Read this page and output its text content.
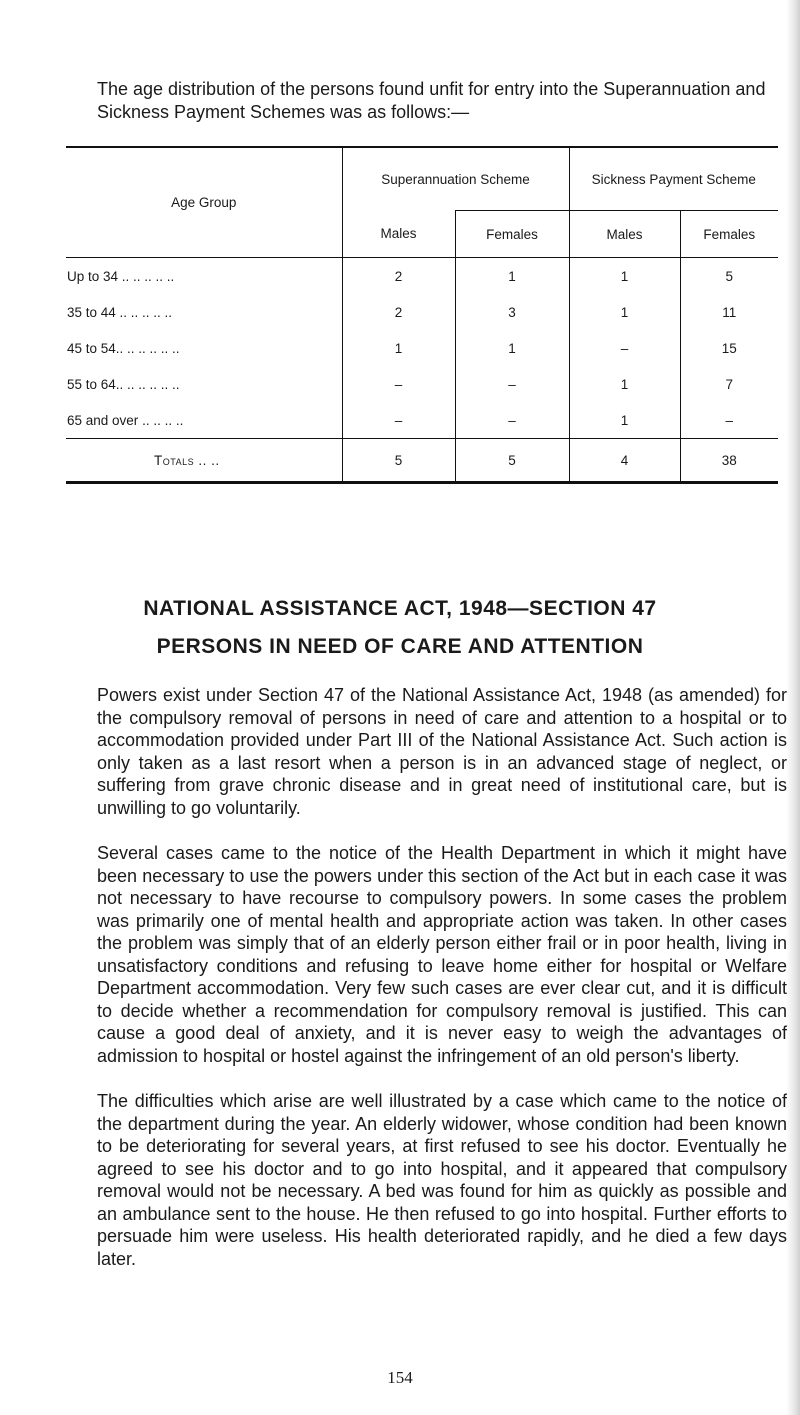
The age distribution of the persons found unfit for entry into the Superannuation and Sickness Payment Schemes was as follows:—

Age Group	Superannuation Scheme		Sickness Payment Scheme	
	Males	Females	Males	Females
Up to 34 .. .. .. .. ..	2	1	1	5
35 to 44 .. .. .. .. ..	2	3	1	11
45 to 54.. .. .. .. .. ..	1	1	–	15
55 to 64.. .. .. .. .. ..	–	–	1	7
65 and over .. .. .. ..	–	–	1	–
Totals .. ..	5	5	4	38
NATIONAL ASSISTANCE ACT, 1948—SECTION 47
PERSONS IN NEED OF CARE AND ATTENTION

Powers exist under Section 47 of the National Assistance Act, 1948 (as amended) for the compulsory removal of persons in need of care and attention to a hospital or to accommodation provided under Part III of the National Assistance Act. Such action is only taken as a last resort when a person is in an advanced stage of neglect, or suffering from grave chronic disease and in great need of institutional care, but is unwilling to go voluntarily.

Several cases came to the notice of the Health Department in which it might have been necessary to use the powers under this section of the Act but in each case it was not necessary to have recourse to compulsory powers. In some cases the problem was primarily one of mental health and appropriate action was taken. In other cases the problem was simply that of an elderly person either frail or in poor health, living in unsatisfactory conditions and refusing to leave home either for hospital or Welfare Department accommodation. Very few such cases are ever clear cut, and it is difficult to decide whether a recommendation for compulsory removal is justified. This can cause a good deal of anxiety, and it is never easy to weigh the advantages of admission to hospital or hostel against the infringement of an old person's liberty.

The difficulties which arise are well illustrated by a case which came to the notice of the department during the year. An elderly widower, whose condition had been known to be deteriorating for several years, at first refused to see his doctor. Eventually he agreed to see his doctor and to go into hospital, and it appeared that compulsory removal would not be necessary. A bed was found for him as quickly as possible and an ambulance sent to the house. He then refused to go into hospital. Further efforts to persuade him were useless. His health deteriorated rapidly, and he died a few days later.

154
